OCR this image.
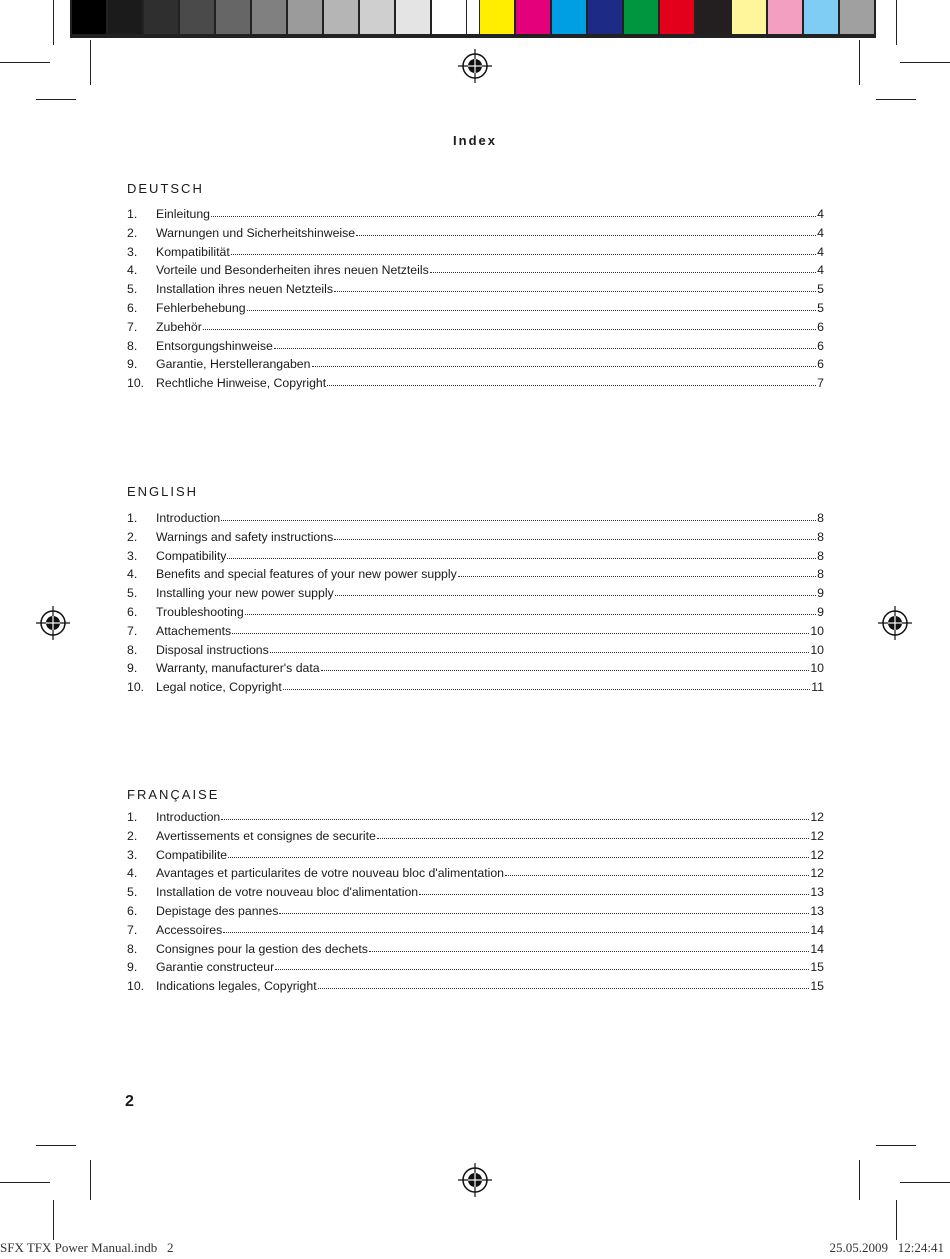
Index
DEUTSCH
1.	Einleitung	4
2.	Warnungen und Sicherheitshinweise	4
3.	Kompatibilität	4
4.	Vorteile und Besonderheiten ihres neuen Netzteils	4
5.	Installation ihres neuen Netzteils	5
6.	Fehlerbehebung	5
7.	Zubehör	6
8.	Entsorgungshinweise	6
9.	Garantie, Herstellerangaben	6
10. Rechtliche Hinweise, Copyright	7
ENGLISH
1.	Introduction	8
2.	Warnings and safety instructions	8
3.	Compatibility	8
4.	Benefits and special features of your new power supply	8
5.	Installing your new power supply	9
6.	Troubleshooting	9
7.	Attachements	10
8.	Disposal instructions	10
9.	Warranty, manufacturer's data	10
10. Legal notice, Copyright	11
FRANÇAISE
1.	Introduction	12
2.	Avertissements et consignes de securite	12
3.	Compatibilite	12
4.	Avantages et particularites de votre nouveau bloc d'alimentation	12
5.	Installation de votre nouveau bloc d'alimentation	13
6.	Depistage des pannes	13
7.	Accessoires	14
8.	Consignes pour la gestion des dechets	14
9.	Garantie constructeur	15
10. Indications legales, Copyright	15
2
SFX TFX Power Manual.indb   2	25.05.2009   12:24:41
